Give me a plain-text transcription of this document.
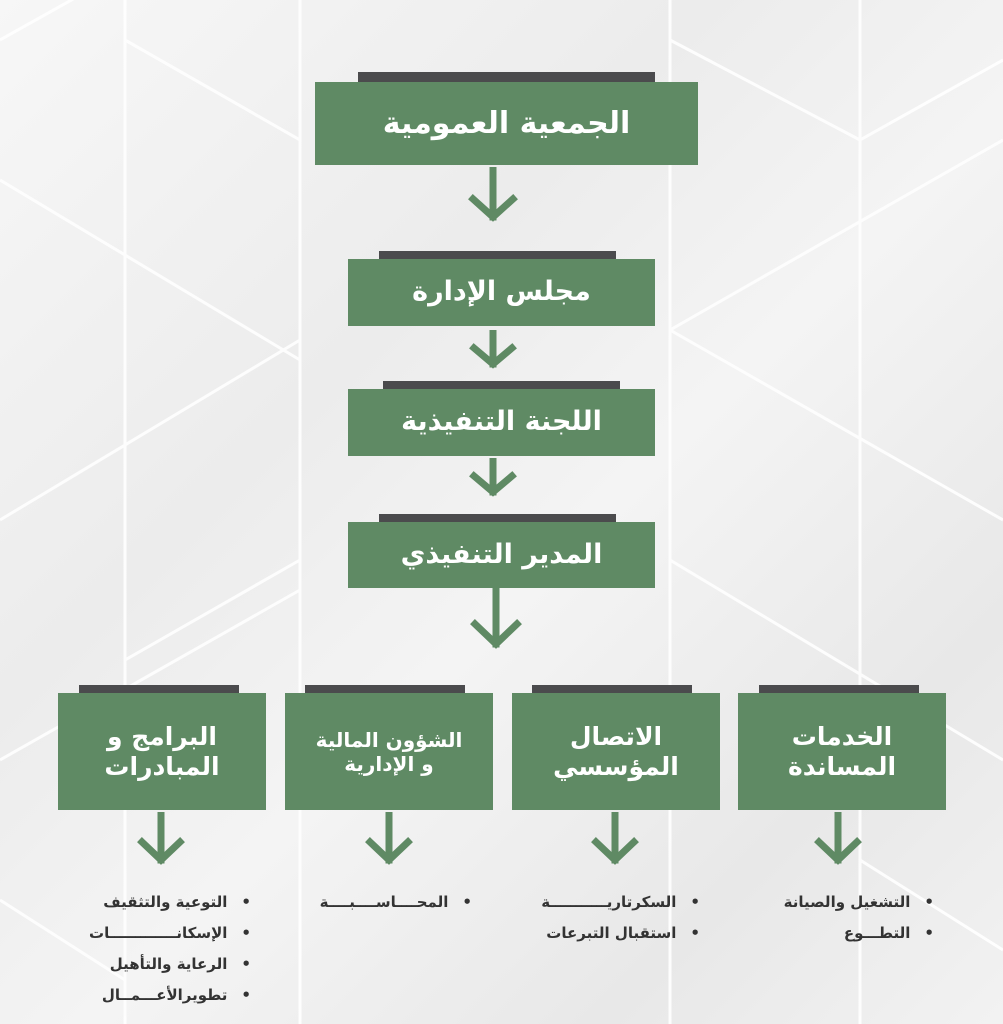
الجمعية العمومية
مجلس الإدارة
اللجنة التنفيذية
المدير التنفيذي
البرامج و
المبادرات
• التوعية والتثقيف
• الإسكانـــــــــــــات
• الرعاية والتأهيل
• تطويرالأعـــمــال
الشؤون المالية
و الإدارية
• المحــــاســــبــــة
الاتصال
المؤسسي
• السكرتاريـــــــــــة
• استقبال التبرعات
الخدمات
المساندة
• التشغيل والصيانة
• التطـــوع
